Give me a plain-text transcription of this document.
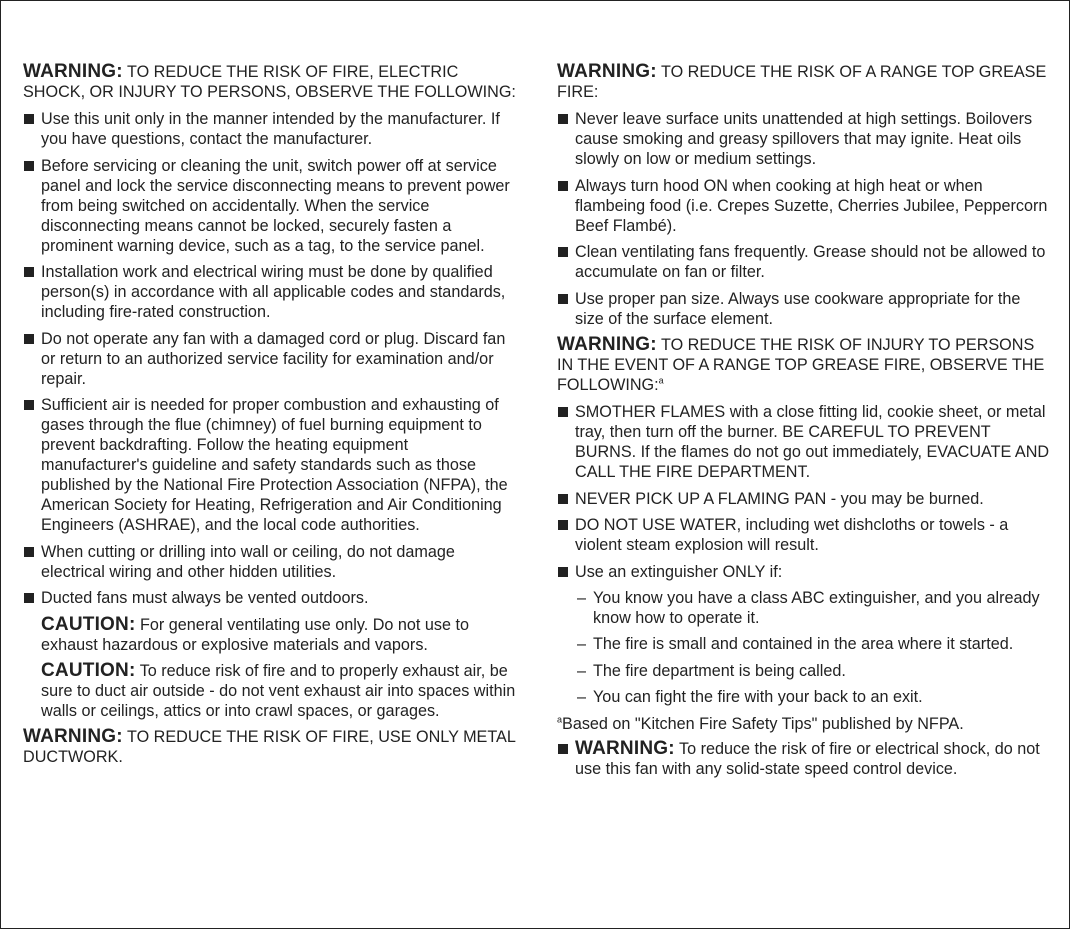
WARNING: TO REDUCE THE RISK OF FIRE, ELECTRIC SHOCK, OR INJURY TO PERSONS, OBSERVE THE FOLLOWING:

Use this unit only in the manner intended by the manufacturer. If you have questions, contact the manufacturer.
Before servicing or cleaning the unit, switch power off at service panel and lock the service disconnecting means to prevent power from being switched on accidentally. When the service disconnecting means cannot be locked, securely fasten a prominent warning device, such as a tag, to the service panel.
Installation work and electrical wiring must be done by qualified person(s) in accordance with all applicable codes and standards, including fire-rated construction.
Do not operate any fan with a damaged cord or plug. Discard fan or return to an authorized service facility for examination and/or repair.
Sufficient air is needed for proper combustion and exhausting of gases through the flue (chimney) of fuel burning equipment to prevent backdrafting. Follow the heating equipment manufacturer's guideline and safety standards such as those published by the National Fire Protection Association (NFPA), the American Society for Heating, Refrigeration and Air Conditioning Engineers (ASHRAE), and the local code authorities.
When cutting or drilling into wall or ceiling, do not damage electrical wiring and other hidden utilities.
Ducted fans must always be vented outdoors.

CAUTION: For general ventilating use only. Do not use to exhaust hazardous or explosive materials and vapors.

CAUTION: To reduce risk of fire and to properly exhaust air, be sure to duct air outside - do not vent exhaust air into spaces within walls or ceilings, attics or into crawl spaces, or garages.

WARNING: TO REDUCE THE RISK OF FIRE, USE ONLY METAL DUCTWORK.

WARNING: TO REDUCE THE RISK OF A RANGE TOP GREASE FIRE:

Never leave surface units unattended at high settings. Boilovers cause smoking and greasy spillovers that may ignite. Heat oils slowly on low or medium settings.
Always turn hood ON when cooking at high heat or when flambeing food (i.e. Crepes Suzette, Cherries Jubilee, Peppercorn Beef Flambé).
Clean ventilating fans frequently. Grease should not be allowed to accumulate on fan or filter.
Use proper pan size. Always use cookware appropriate for the size of the surface element.

WARNING: TO REDUCE THE RISK OF INJURY TO PERSONS IN THE EVENT OF A RANGE TOP GREASE FIRE, OBSERVE THE FOLLOWING:$^a$

SMOTHER FLAMES with a close fitting lid, cookie sheet, or metal tray, then turn off the burner. BE CAREFUL TO PREVENT BURNS. If the flames do not go out immediately, EVACUATE AND CALL THE FIRE DEPARTMENT.
NEVER PICK UP A FLAMING PAN - you may be burned.
DO NOT USE WATER, including wet dishcloths or towels - a violent steam explosion will result.
Use an extinguisher ONLY if:
– You know you have a class ABC extinguisher, and you already know how to operate it.
– The fire is small and contained in the area where it started.
– The fire department is being called.
– You can fight the fire with your back to an exit.

$^a$Based on "Kitchen Fire Safety Tips" published by NFPA.

WARNING: To reduce the risk of fire or electrical shock, do not use this fan with any solid-state speed control device.
